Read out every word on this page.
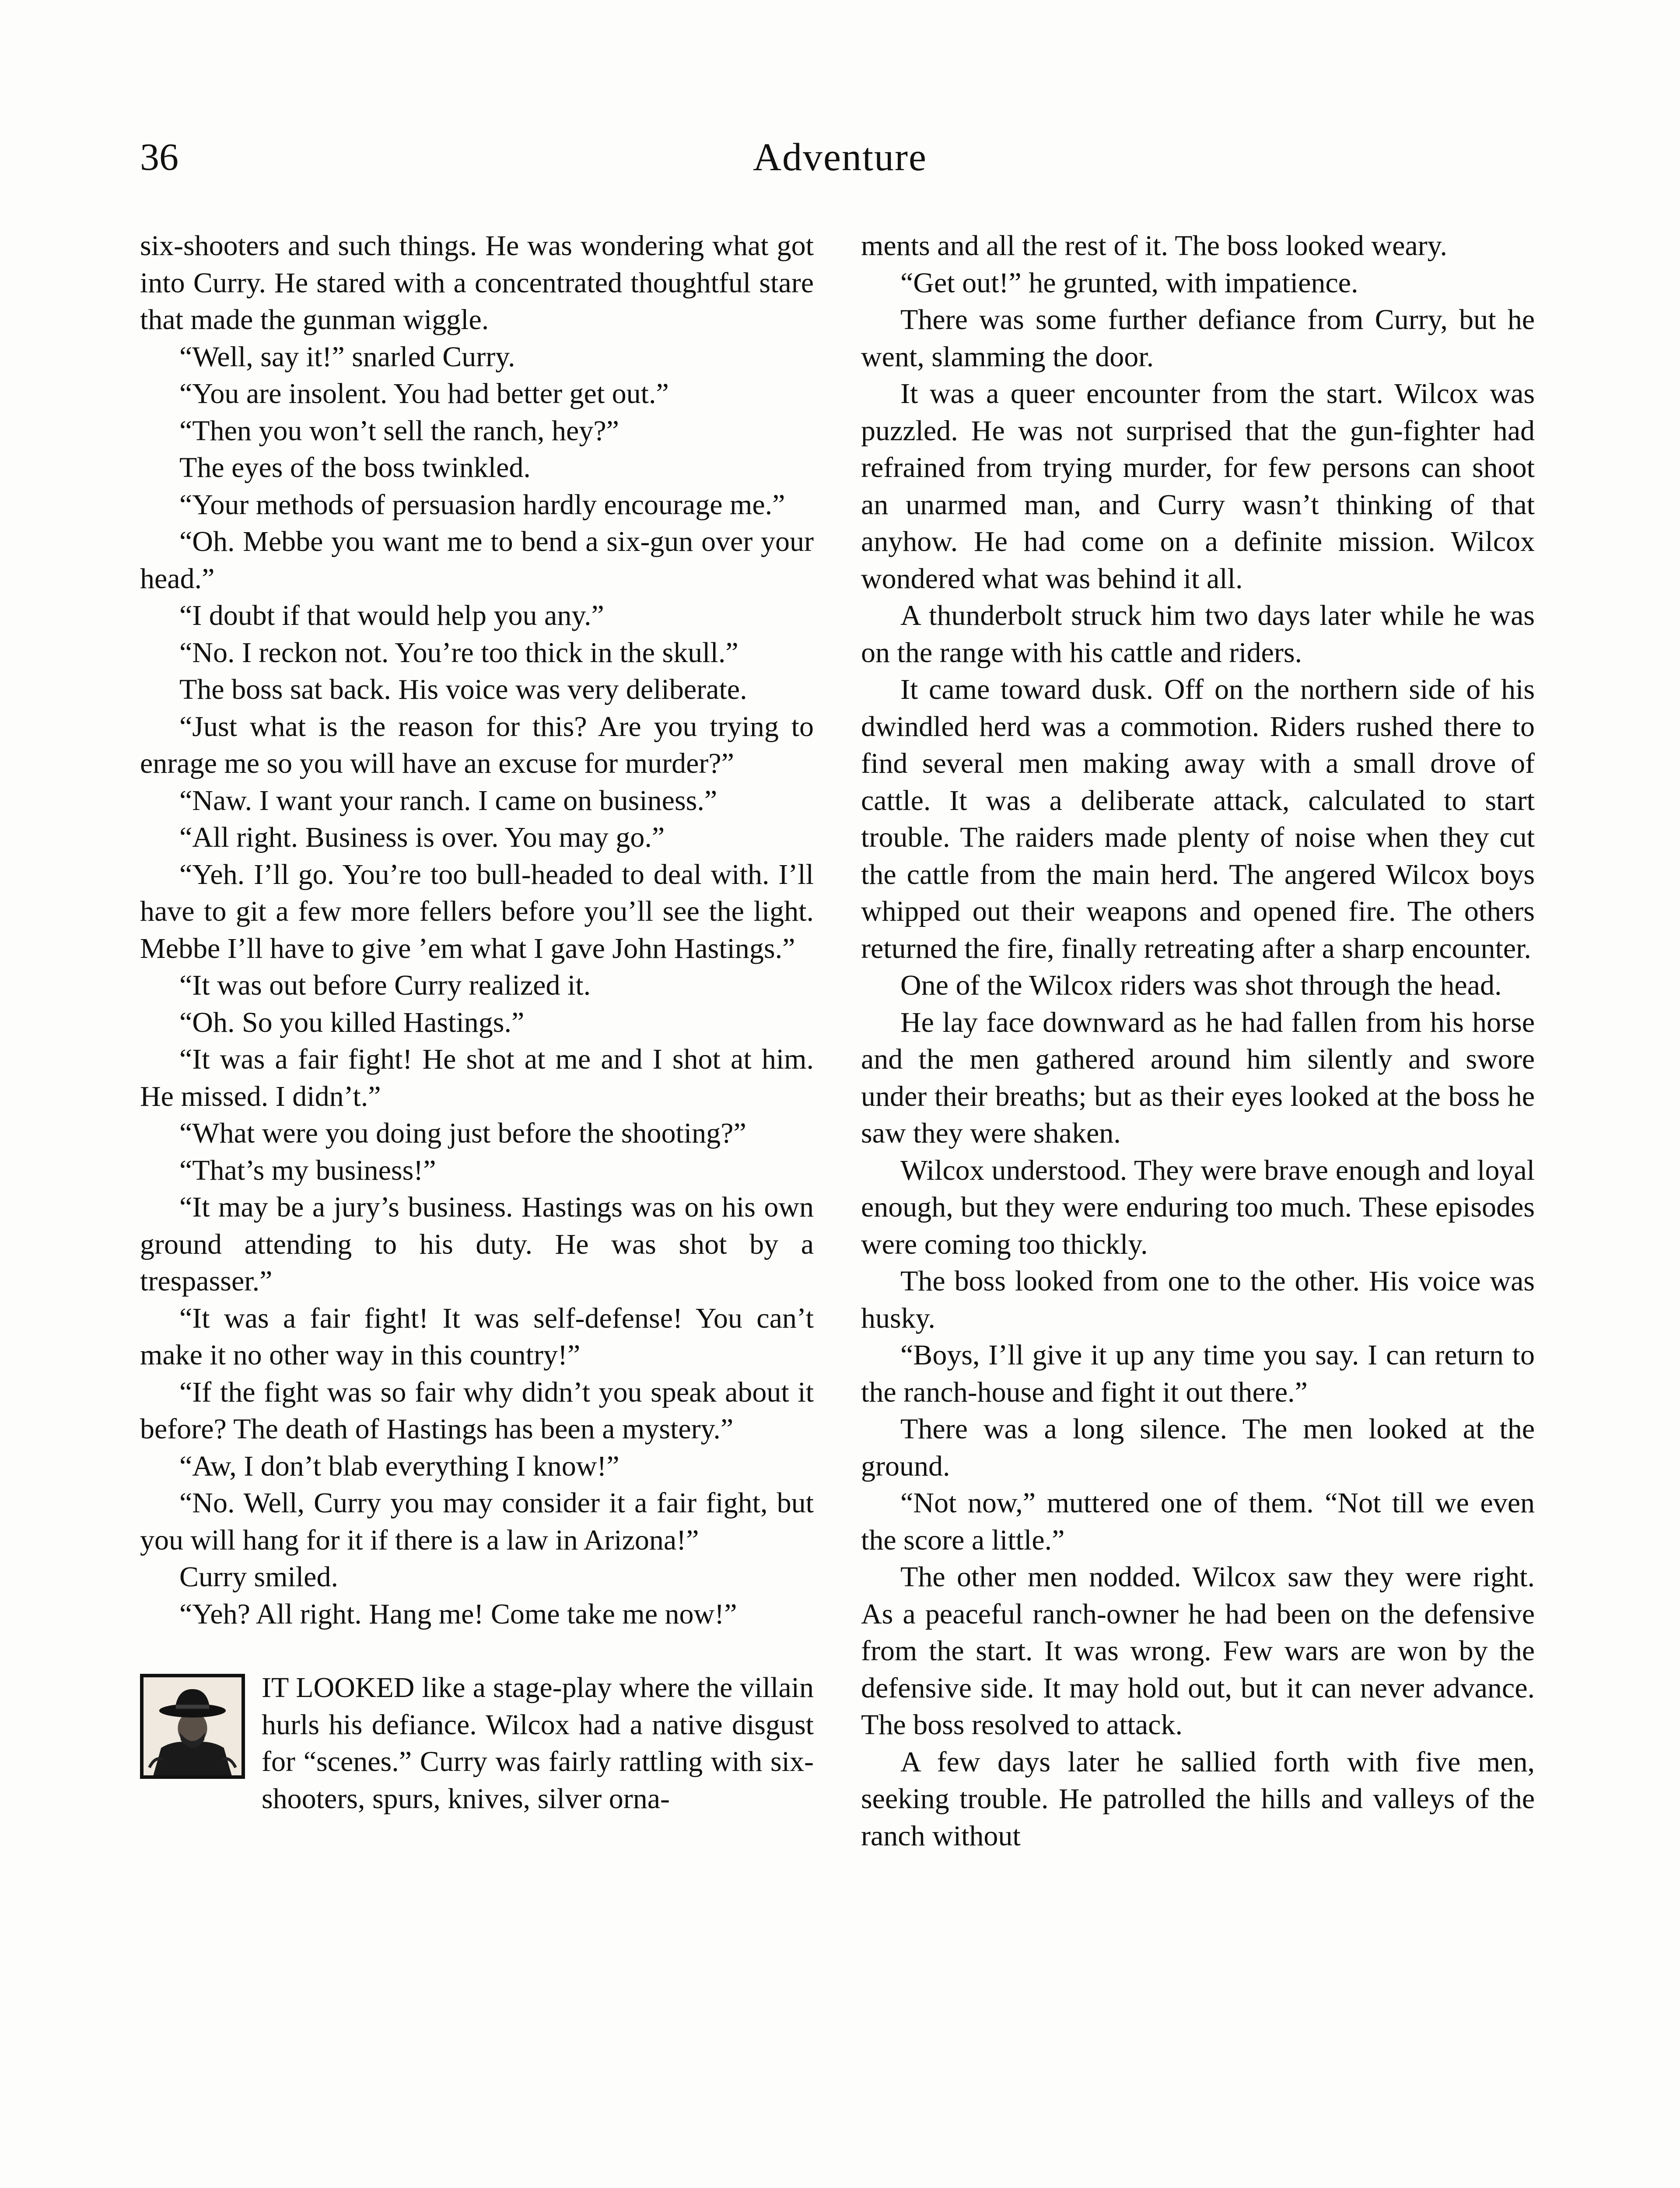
36	Adventure

six-shooters and such things. He was wondering what got into Curry. He stared with a concentrated thoughtful stare that made the gunman wiggle.

“Well, say it!” snarled Curry.

“You are insolent. You had better get out.”

“Then you won’t sell the ranch, hey?”

The eyes of the boss twinkled.

“Your methods of persuasion hardly encourage me.”

“Oh. Mebbe you want me to bend a six-gun over your head.”

“I doubt if that would help you any.”

“No. I reckon not. You’re too thick in the skull.”

The boss sat back. His voice was very deliberate.

“Just what is the reason for this? Are you trying to enrage me so you will have an excuse for murder?”

“Naw. I want your ranch. I came on business.”

“All right. Business is over. You may go.”

“Yeh. I’ll go. You’re too bull-headed to deal with. I’ll have to git a few more fellers before you’ll see the light. Mebbe I’ll have to give ’em what I gave John Hastings.”

“It was out before Curry realized it.

“Oh. So you killed Hastings.”

“It was a fair fight! He shot at me and I shot at him. He missed. I didn’t.”

“What were you doing just before the shooting?”

“That’s my business!”

“It may be a jury’s business. Hastings was on his own ground attending to his duty. He was shot by a trespasser.”

“It was a fair fight! It was self-defense! You can’t make it no other way in this country!”

“If the fight was so fair why didn’t you speak about it before? The death of Hastings has been a mystery.”

“Aw, I don’t blab everything I know!”

“No. Well, Curry you may consider it a fair fight, but you will hang for it if there is a law in Arizona!”

Curry smiled.

“Yeh? All right. Hang me! Come take me now!”

IT LOOKED like a stage-play where the villain hurls his defiance. Wilcox had a native disgust for “scenes.” Curry was fairly rattling with six-shooters, spurs, knives, silver orna-

ments and all the rest of it. The boss looked weary.

“Get out!” he grunted, with impatience.

There was some further defiance from Curry, but he went, slamming the door.

It was a queer encounter from the start. Wilcox was puzzled. He was not surprised that the gun-fighter had refrained from trying murder, for few persons can shoot an unarmed man, and Curry wasn’t thinking of that anyhow. He had come on a definite mission. Wilcox wondered what was behind it all.

A thunderbolt struck him two days later while he was on the range with his cattle and riders.

It came toward dusk. Off on the northern side of his dwindled herd was a commotion. Riders rushed there to find several men making away with a small drove of cattle. It was a deliberate attack, calculated to start trouble. The raiders made plenty of noise when they cut the cattle from the main herd. The angered Wilcox boys whipped out their weapons and opened fire. The others returned the fire, finally retreating after a sharp encounter.

One of the Wilcox riders was shot through the head.

He lay face downward as he had fallen from his horse and the men gathered around him silently and swore under their breaths; but as their eyes looked at the boss he saw they were shaken.

Wilcox understood. They were brave enough and loyal enough, but they were enduring too much. These episodes were coming too thickly.

The boss looked from one to the other. His voice was husky.

“Boys, I’ll give it up any time you say. I can return to the ranch-house and fight it out there.”

There was a long silence. The men looked at the ground.

“Not now,” muttered one of them. “Not till we even the score a little.”

The other men nodded. Wilcox saw they were right. As a peaceful ranch-owner he had been on the defensive from the start. It was wrong. Few wars are won by the defensive side. It may hold out, but it can never advance. The boss resolved to attack.

A few days later he sallied forth with five men, seeking trouble. He patrolled the hills and valleys of the ranch without
